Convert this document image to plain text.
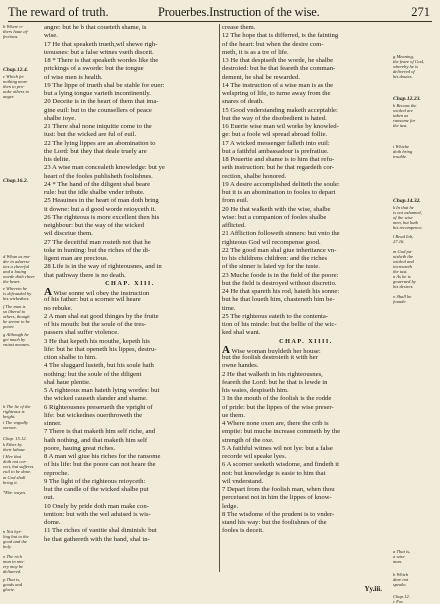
The reward of truth.	Prouerbes.Instruction of the wise.	271
b Where o-
thers haue af-
fections.
Chap.12.4.
c Which fet
nothing more
then to pro-
uoke others to
anger.
Chap.16.2.
d Whan as mo-
der in aduerse
ties a cheerful
and a louing
worde doth cheer
the heart.
e Wherein he
is defrauded by
his wickednes.
f The man is
so liberal to
others, though
he seeme to be
poore.
g Although he
get much by
vniust meanes.
h The lie of the
righteous is
bright.
i The vngodly
sorowe.
Chap. 15.12.
k Ether by
their labour.
l Hee that
doth not cor-
rect, but sufferes
euil to be done.
m God shall
bring it.
*Ebr. wayes.
n Not hyr-
ling but to the
good and the
holy.
o The rich
man in mis-
ery may be
deliuered.
p That is,
goods and
glorie.
angre: but he b that coueteth shame, is
wise.
17 He that speaketh trueth,wil shewe righ-
teousnes: but a false witnes vseth disceit.
18 * There is that speaketh wordes like the
prickings of a sworde: but the tongue
of wise men is health.
19 The lippe of trueth shal be stable for euer:
but a lying tongue varieth incontinently.
20 Deceite is in the heart of them that ima-
gine euil: but to the counsellers of peace
shalbe ioye.
21 There shal none iniquitie come to the
iust: but the wicked are ful of euil.
22 The lying lippes are an abomination to
the Lord: but they that deale truely are
his delite.
23 A wise man concealeth knowledge: but ye
heart of the fooles publisheth foolishnes.
24 * The hand of the diligent shal beare
rule: but the idle shalbe vnder tribute.
25 Heauines in the heart of man doth bring
it downe: but a d good worde reioyceth it.
26 The righteous is more excellent then his
neighbour: but the way of the wicked
wil disceiue them.
27 The deceitful man rosteth not that he
toke in hunting: but the riches of the di-
ligent man are precious.
28 Life is in the way of righteousnes, and in
that pathway there is no death.
CHAP. XIII.
A Wise sonne wil obey the instruction
of his father: but a scorner wil heare
no rebuke.
2 A man shal eat good thinges by the fruite
of his mouth: but the soule of the tres-
passers shal suffer violence.
3 He that kepeth his mouthe, kepeth his
life: but he that openeth his lippes, destru-
ction shalbe to him.
4 The sluggard lusteth, but his soule hath
nothing: but the soule of the diligent
shal haue plentie.
5 A righteous man hateth lying wordes: but
the wicked causeth slander and shame.
6 Righteousnes preserueth the vpright of
life: but wickednes ouerthroweth the
sinner.
7 There is that maketh him self riche, and
hath nothing, and that maketh him self
poore, hauing great riches.
8 A man wil giue his riches for the ransome
of his life: but the poore can not heare the
reproche.
9 The light of the righteous reioyceth:
but the candle of the wicked shalbe put
out.
10 Onely by pride doth man make con-
tention: but with the wel aduised is wis-
dome.
11 The riches of vanitie shal diminish: but
he that gathereth with the hand, shal in-
crease them.
12 The hope that is differred, is the fainting
of the heart: but when the desire com-
meth, it is as a tre of life.
13 He that despiseth the worde, he shalbe
destroied: but he that feareth the comman-
dement, he shal be rewarded.
14 The instruction of a wise man is as the
welspring of life, to turne away from the
snares of death.
15 Good vnderstanding maketh acceptable:
but the way of the disobedient is hated.
16 Euerie wise man wil worke by knowled-
ge: but a foole wil spread abroad follie.
17 A wicked messenger falleth into euil:
but a faithful ambassadour is prefratiue.
18 Pouertie and shame is to him that refu-
seth instruction: but he that regardeth cor-
rection, shalbe honored.
19 A desire accomplished deliteth the soule:
but it is an abomination to fooles to depart
from euil.
20 He that walketh with the wise, shalbe
wise: but a companion of fooles shalbe
afflicted.
21 Affliction followeth sinners: but vnto the
righteous God wil recompense good.
22 The good man shal giue inheritance vn-
to his childrens children: and the riches
of the sinner is laied vp for the iuste.
23 Muche foode is in the field of the poore:
but the field is destroyed without discretio.
24 He that spareth his rod, hateth his sonne:
but he that loueth him, chasteneth him be-
time.
25 The righteous eateth to the contenta-
tion of his minde: but the bellie of the wic-
ked shal want.
CHAP. XIIII.
A Wise woman buyldeth her house:
but the foolish destroieth it with her
owne handes.
2 He that walketh in his righteousnes,
feareth the Lord: but he that is lewde in
his waies, despiseth him.
3 In the mouth of the foolish is the rodde
of pride: but the lippes of the wise preser-
ue them.
4 Where none oxen are, there the crib is
emptie: but muche increase commeth by the
strength of the oxe.
5 A faithful witnes wil not lye: but a false
recorde wil speake lyes.
6 A scorner seeketh wisdome, and findeth it
not: but knowledge is easie to him that
wil vnderstand.
7 Depart from the foolish man, when thou
perceiuest not in him the lippes of know-
ledge.
8 The wisdome of the prudent is to vnder-
stand his way: but the foolishnes of the
fooles is deceit.
g Meaning,
the feare of God,
whereby he is
delivered of
his doutes.
Chap.12.23.
h Becaus the
wicked are
taken as
ransome for
the iust.
i Whiche
doth bring
trouble.
Chap.14.32.
k In that he
is not ashamed,
of the wise
men, but hath
his recompence.
l Read Iob,
27.16.
m God pu-
nisheth the
wicked and
increaseth
the iust.
n As he is
gouerned by
his desires.
o Shall be
founde.
a That is,
a wise
man.
b Which
dare not
speake.
Chap.12.
c For.
Yy.iii.
